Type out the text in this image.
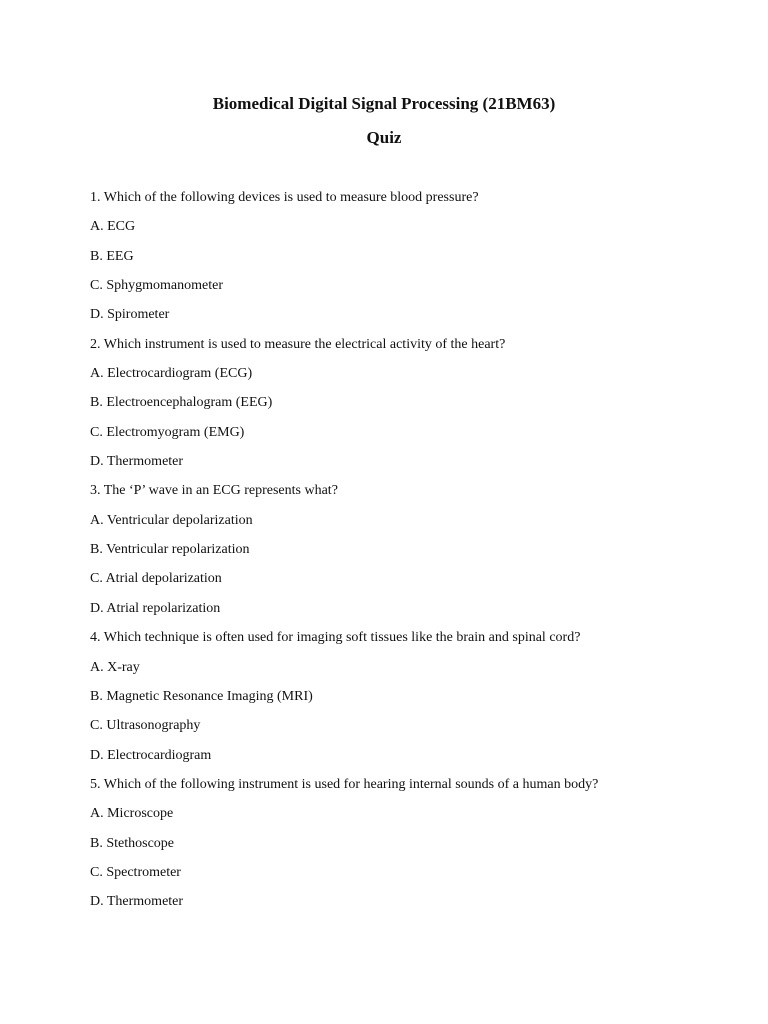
Biomedical Digital Signal Processing (21BM63)
Quiz

1. Which of the following devices is used to measure blood pressure?

A. ECG

B. EEG

C. Sphygmomanometer

D. Spirometer

2. Which instrument is used to measure the electrical activity of the heart?

A. Electrocardiogram (ECG)

B. Electroencephalogram (EEG)

C. Electromyogram (EMG)

D. Thermometer

3. The ‘P’ wave in an ECG represents what?

A. Ventricular depolarization

B. Ventricular repolarization

C. Atrial depolarization

D. Atrial repolarization

4. Which technique is often used for imaging soft tissues like the brain and spinal cord?

A. X-ray

B. Magnetic Resonance Imaging (MRI)

C. Ultrasonography

D. Electrocardiogram

5. Which of the following instrument is used for hearing internal sounds of a human body?

A. Microscope

B. Stethoscope

C. Spectrometer

D. Thermometer
